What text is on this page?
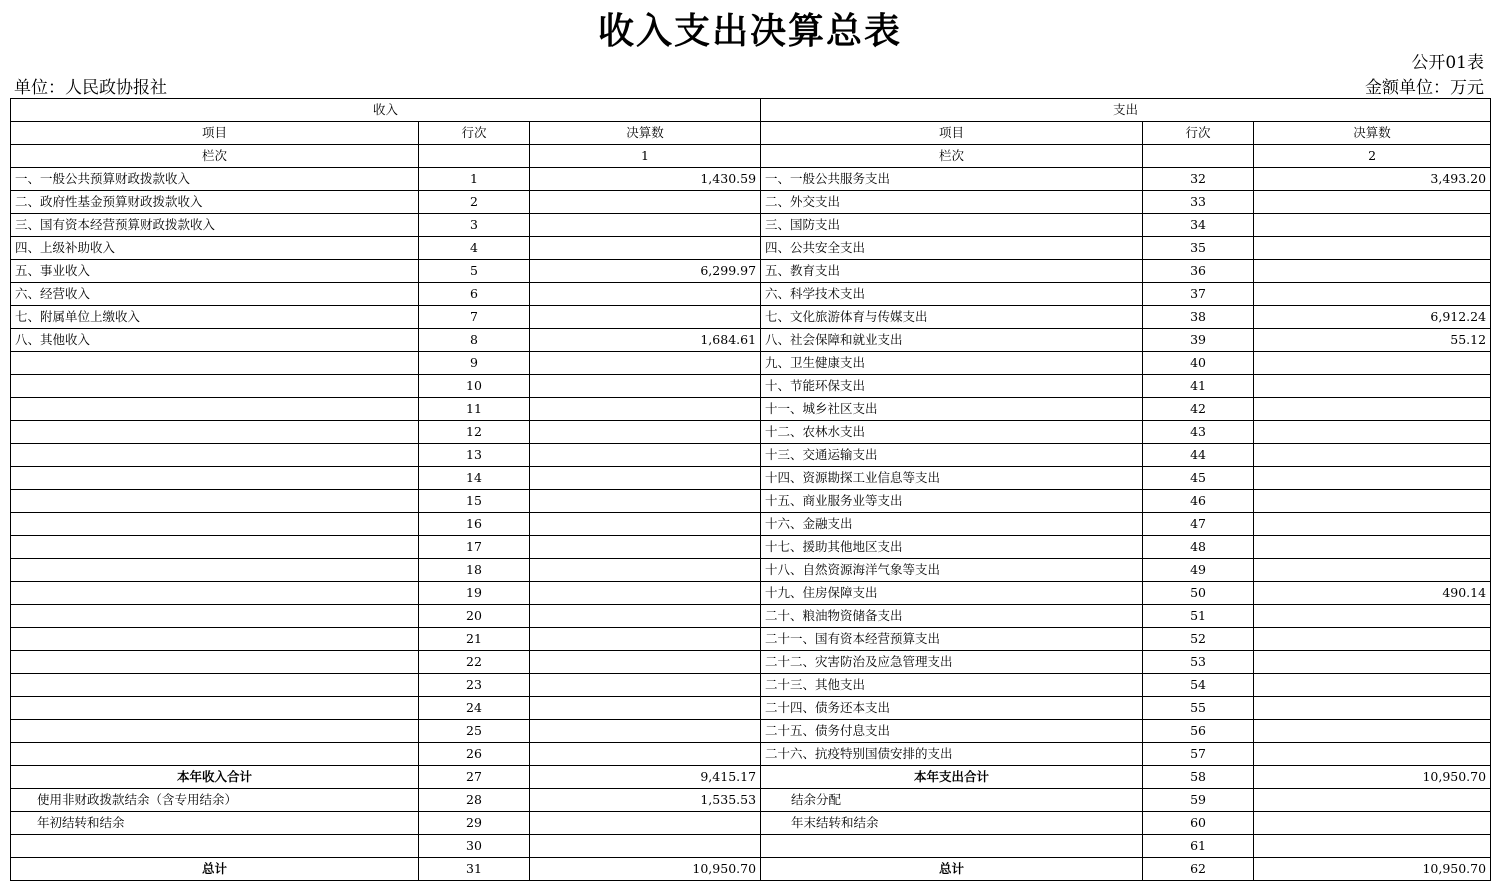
收入支出决算总表
公开01表
单位：人民政协报社	金额单位：万元
收入			支出		
项目	行次	决算数	项目	行次	决算数
栏次		1	栏次		2
一、一般公共预算财政拨款收入	1	1,430.59	一、一般公共服务支出	32	3,493.20
二、政府性基金预算财政拨款收入	2		二、外交支出	33	
三、国有资本经营预算财政拨款收入	3		三、国防支出	34	
四、上级补助收入	4		四、公共安全支出	35	
五、事业收入	5	6,299.97	五、教育支出	36	
六、经营收入	6		六、科学技术支出	37	
七、附属单位上缴收入	7		七、文化旅游体育与传媒支出	38	6,912.24
八、其他收入	8	1,684.61	八、社会保障和就业支出	39	55.12
	9		九、卫生健康支出	40	
	10		十、节能环保支出	41	
	11		十一、城乡社区支出	42	
	12		十二、农林水支出	43	
	13		十三、交通运输支出	44	
	14		十四、资源勘探工业信息等支出	45	
	15		十五、商业服务业等支出	46	
	16		十六、金融支出	47	
	17		十七、援助其他地区支出	48	
	18		十八、自然资源海洋气象等支出	49	
	19		十九、住房保障支出	50	490.14
	20		二十、粮油物资储备支出	51	
	21		二十一、国有资本经营预算支出	52	
	22		二十二、灾害防治及应急管理支出	53	
	23		二十三、其他支出	54	
	24		二十四、债务还本支出	55	
	25		二十五、债务付息支出	56	
	26		二十六、抗疫特别国债安排的支出	57	
本年收入合计	27	9,415.17	本年支出合计	58	10,950.70
使用非财政拨款结余（含专用结余）	28	1,535.53	结余分配	59	
年初结转和结余	29		年末结转和结余	60	
	30			61	
总计	31	10,950.70	总计	62	10,950.70
